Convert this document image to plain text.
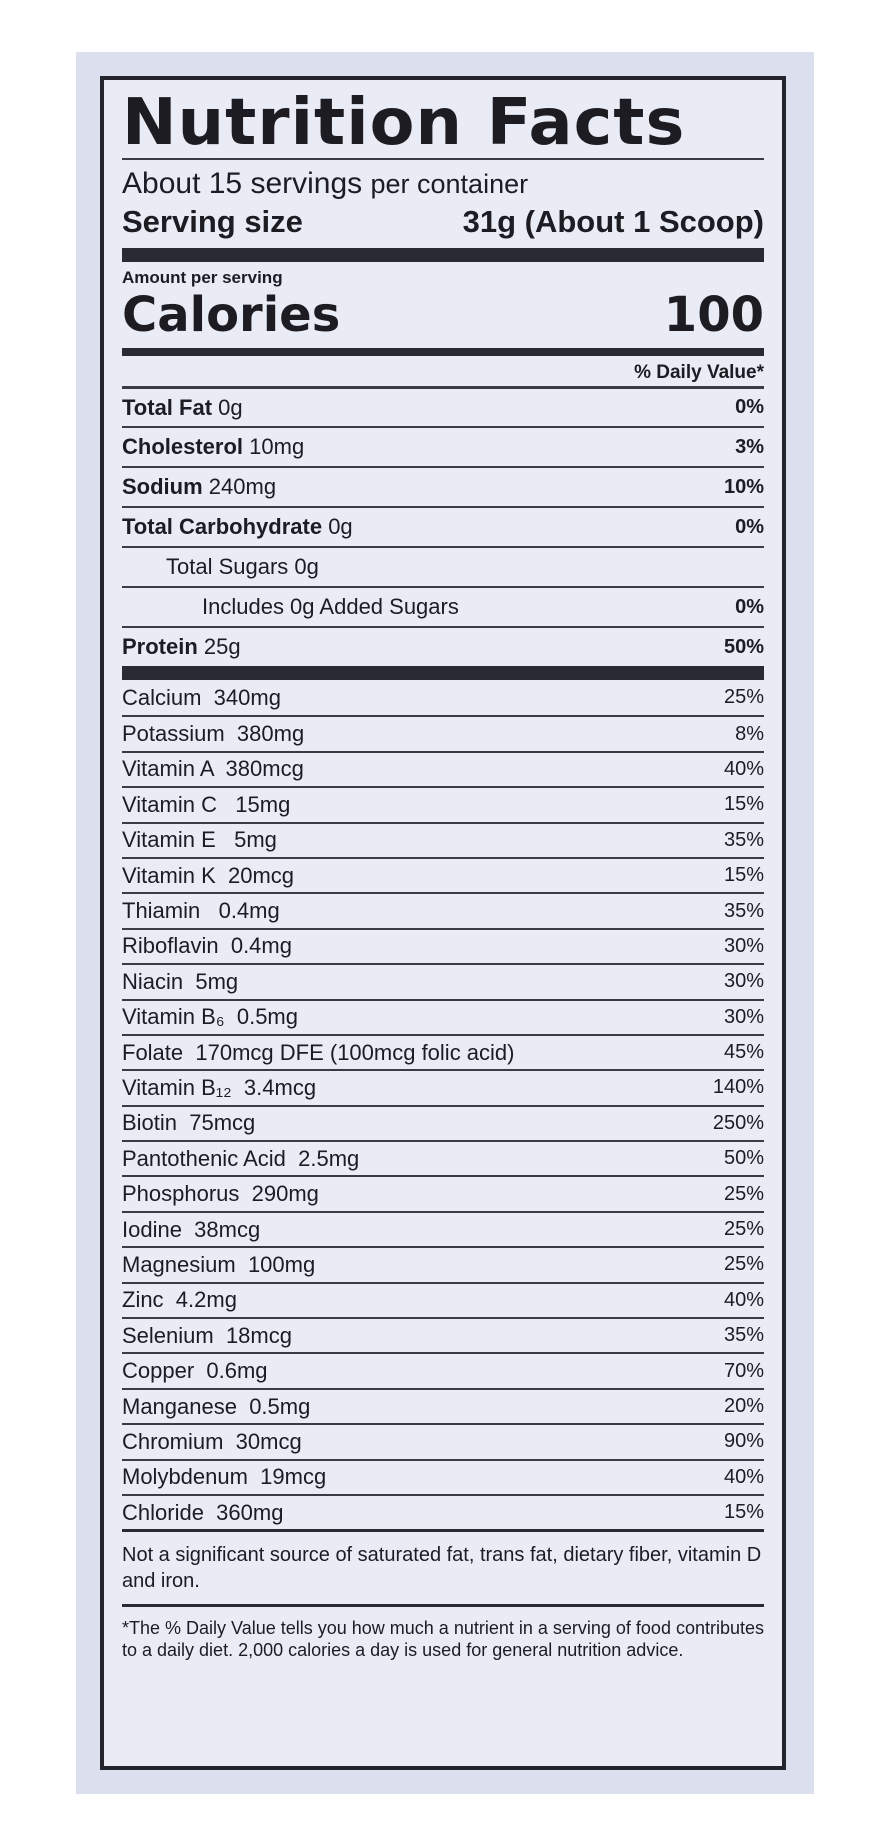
Nutrition Facts
About 15 servings per container
Serving size	31g (About 1 Scoop)
Amount per serving
Calories	100
% Daily Value*
Total Fat 0g	0%
Cholesterol 10mg	3%
Sodium 240mg	10%
Total Carbohydrate 0g	0%
Total Sugars 0g
Includes 0g Added Sugars	0%
Protein 25g	50%
Calcium  340mg	25%
Potassium  380mg	8%
Vitamin A  380mcg	40%
Vitamin C   15mg	15%
Vitamin E   5mg	35%
Vitamin K  20mcg	15%
Thiamin   0.4mg	35%
Riboflavin  0.4mg	30%
Niacin  5mg	30%
Vitamin B₆  0.5mg	30%
Folate  170mcg DFE (100mcg folic acid)	45%
Vitamin B₁₂  3.4mcg	140%
Biotin  75mcg	250%
Pantothenic Acid  2.5mg	50%
Phosphorus  290mg	25%
Iodine  38mcg	25%
Magnesium  100mg	25%
Zinc  4.2mg	40%
Selenium  18mcg	35%
Copper  0.6mg	70%
Manganese  0.5mg	20%
Chromium  30mcg	90%
Molybdenum  19mcg	40%
Chloride  360mg	15%
Not a significant source of saturated fat, trans fat, dietary fiber, vitamin D and iron.
*The % Daily Value tells you how much a nutrient in a serving of food contributes to a daily diet. 2,000 calories a day is used for general nutrition advice.
